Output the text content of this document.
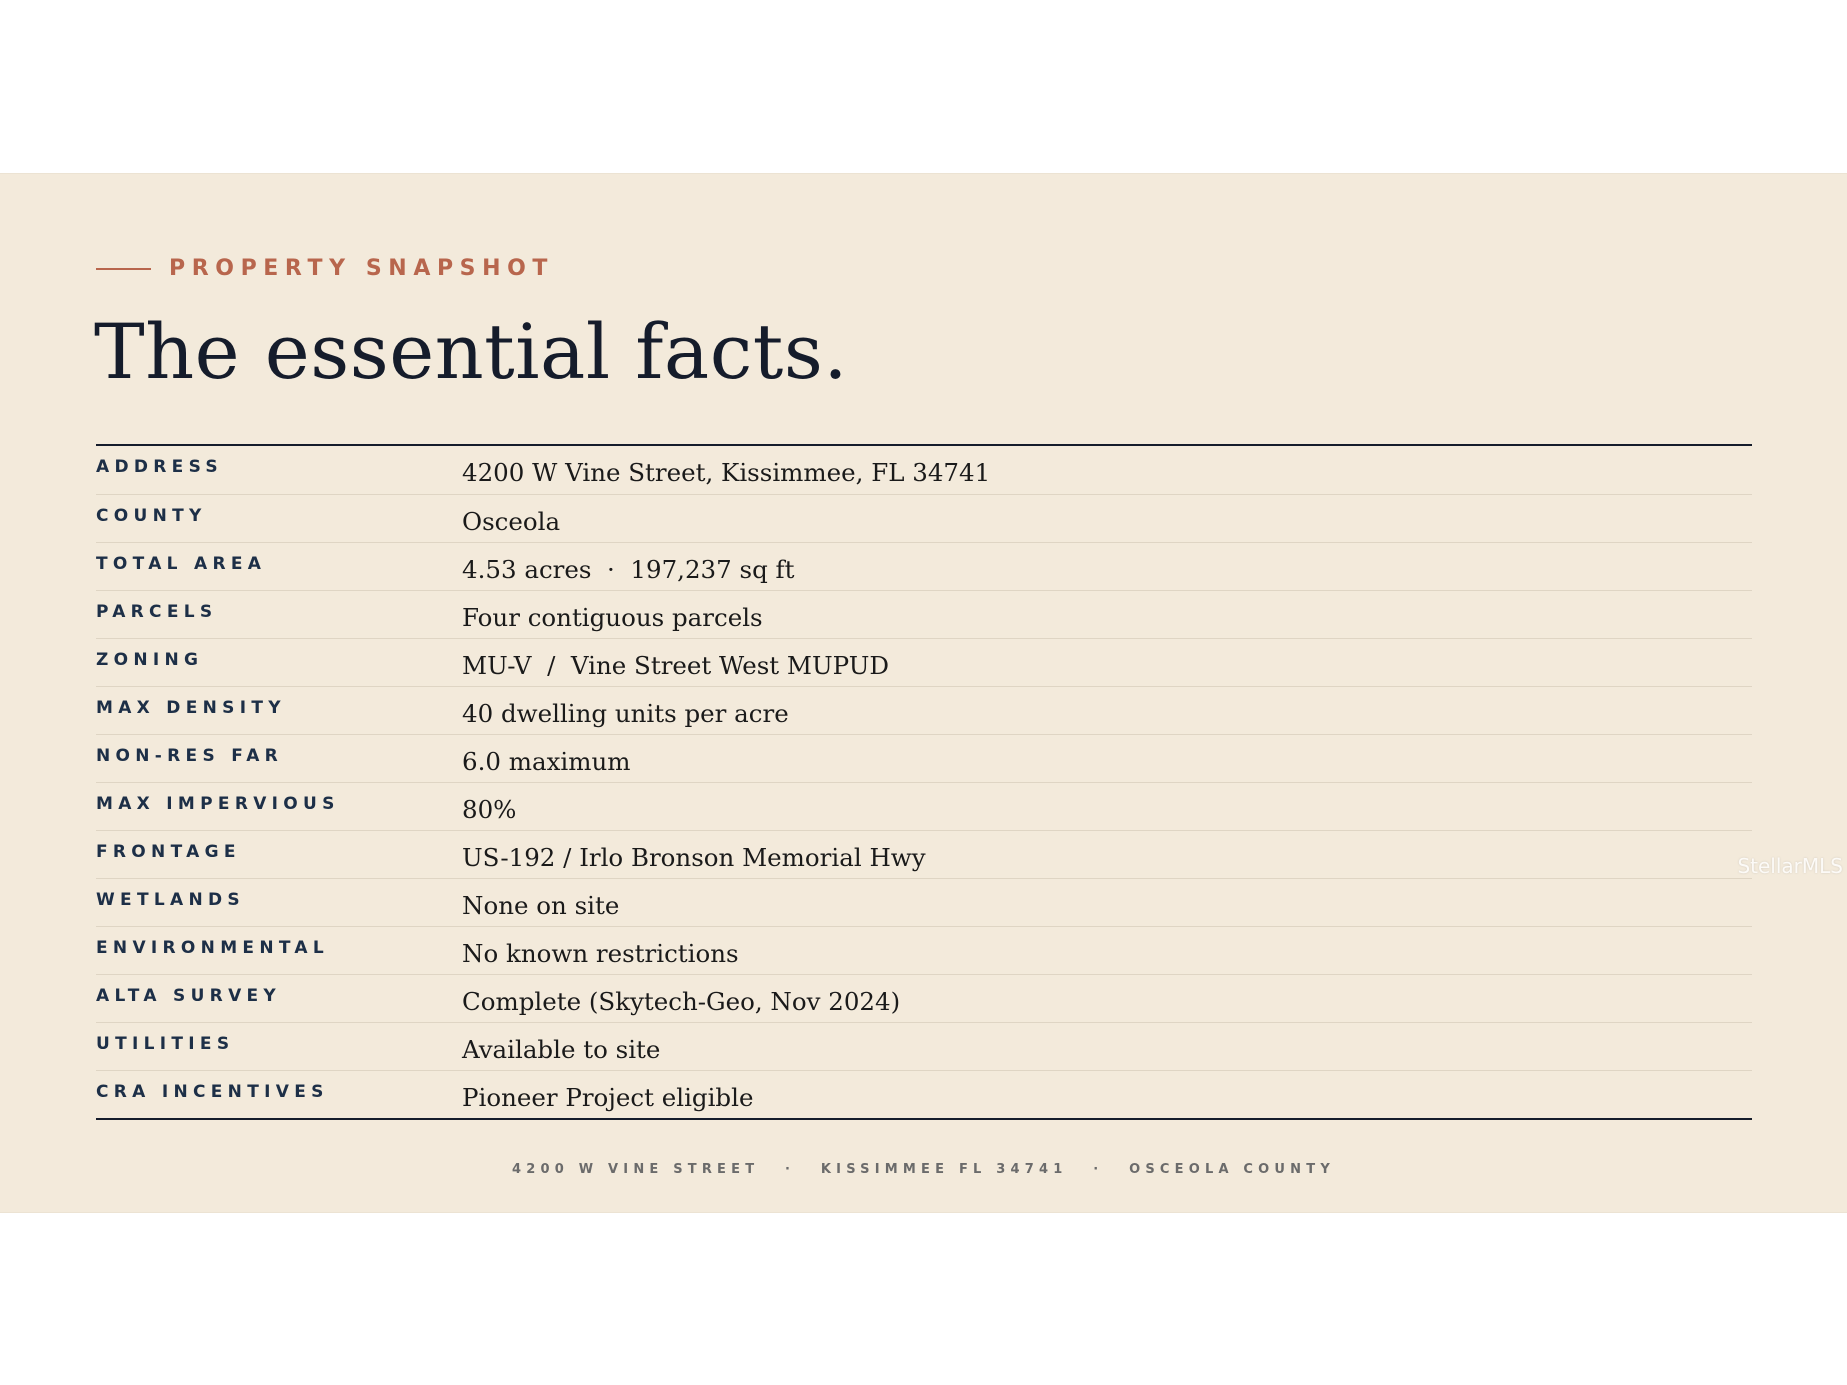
PROPERTY SNAPSHOT
The essential facts.
ADDRESS	4200 W Vine Street, Kissimmee, FL 34741
COUNTY	Osceola
TOTAL AREA	4.53 acres  ·  197,237 sq ft
PARCELS	Four contiguous parcels
ZONING	MU-V  /  Vine Street West MUPUD
MAX DENSITY	40 dwelling units per acre
NON-RES FAR	6.0 maximum
MAX IMPERVIOUS	80%
FRONTAGE	US-192 / Irlo Bronson Memorial Hwy
WETLANDS	None on site
ENVIRONMENTAL	No known restrictions
ALTA SURVEY	Complete (Skytech-Geo, Nov 2024)
UTILITIES	Available to site
CRA INCENTIVES	Pioneer Project eligible
4200 W VINE STREET · KISSIMMEE FL 34741 · OSCEOLA COUNTY
StellarMLS
